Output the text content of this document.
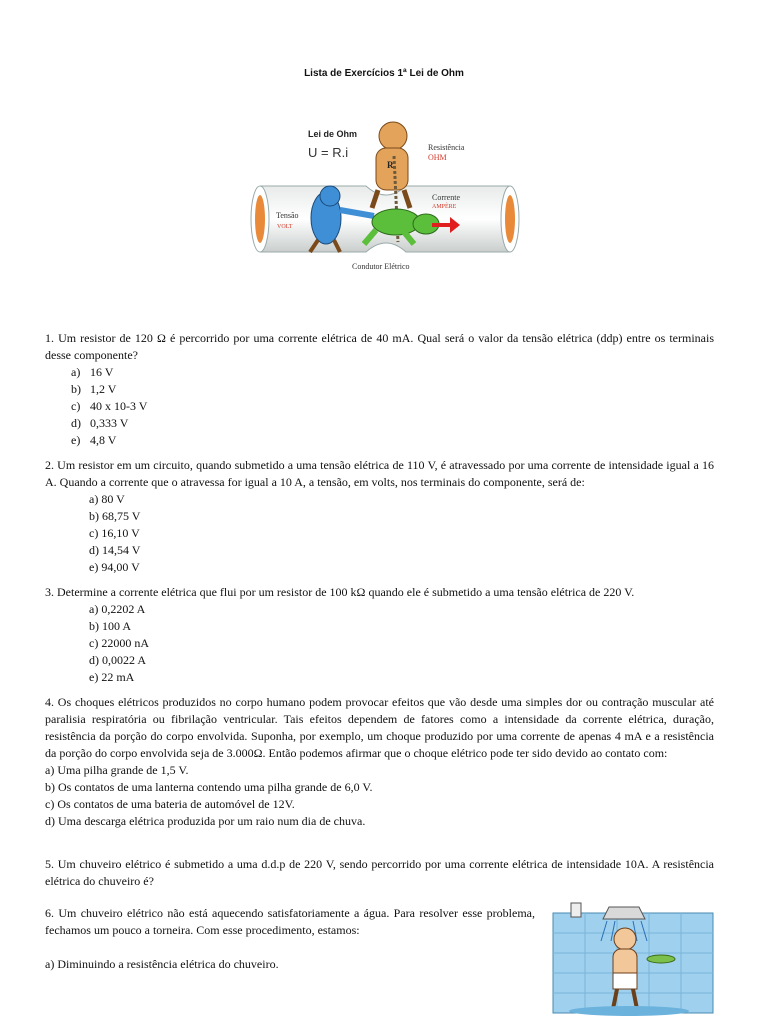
Lista de Exercícios 1ª Lei de Ohm
R
Lei de Ohm
U = R.i	Resistência
OHM
Corrente
AMPÈRE
Tensão
VOLT
Condutor Elétrico

1. Um resistor de 120 Ω é percorrido por uma corrente elétrica de 40 mA. Qual será o valor da tensão elétrica (ddp) entre os terminais desse componente?

a) 16 V
b) 1,2 V
c) 40 x 10-3 V
d) 0,333 V
e) 4,8 V

2. Um resistor em um circuito, quando submetido a uma tensão elétrica de 110 V, é atravessado por uma corrente de intensidade igual a 16 A. Quando a corrente que o atravessa for igual a 10 A, a tensão, em volts, nos terminais do componente, será de:

a) 80 V
b) 68,75 V
c) 16,10 V
d) 14,54 V
e) 94,00 V

3. Determine a corrente elétrica que flui por um resistor de 100 kΩ quando ele é submetido a uma tensão elétrica de 220 V.

a) 0,2202 A
b) 100 A
c) 22000 nA
d) 0,0022 A
e) 22 mA

4. Os choques elétricos produzidos no corpo humano podem provocar efeitos que vão desde uma simples dor ou contração muscular até paralisia respiratória ou fibrilação ventricular. Tais efeitos dependem de fatores como a intensidade da corrente elétrica, duração, resistência da porção do corpo envolvida. Suponha, por exemplo, um choque produzido por uma corrente de apenas 4 mA e a resistência da porção do corpo envolvida seja de 3.000Ω. Então podemos afirmar que o choque elétrico pode ter sido devido ao contato com:

a) Uma pilha grande de 1,5 V.
b) Os contatos de uma lanterna contendo uma pilha grande de 6,0 V.
c) Os contatos de uma bateria de automóvel de 12V.
d) Uma descarga elétrica produzida por um raio num dia de chuva.

5. Um chuveiro elétrico é submetido a uma d.d.p de 220 V, sendo percorrido por uma corrente elétrica de intensidade 10A. A resistência elétrica do chuveiro é?

6. Um chuveiro elétrico não está aquecendo satisfatoriamente a água. Para resolver esse problema, fechamos um pouco a torneira. Com esse procedimento, estamos:

a) Diminuindo a resistência elétrica do chuveiro.
